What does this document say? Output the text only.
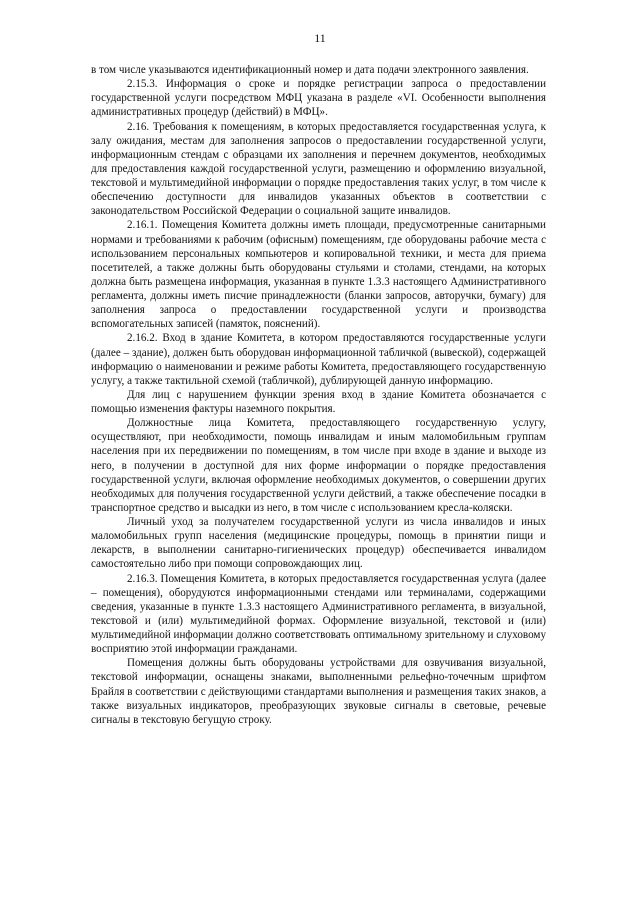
11

в том числе указываются идентификационный номер и дата подачи электронного заявления.

2.15.3. Информация о сроке и порядке регистрации запроса о предоставлении государственной услуги посредством МФЦ указана в разделе «VI. Особенности выполнения административных процедур (действий) в МФЦ».

2.16. Требования к помещениям, в которых предоставляется государственная услуга, к залу ожидания, местам для заполнения запросов о предоставлении государственной услуги, информационным стендам с образцами их заполнения и перечнем документов, необходимых для предоставления каждой государственной услуги, размещению и оформлению визуальной, текстовой и мультимедийной информации о порядке предоставления таких услуг, в том числе к обеспечению доступности для инвалидов указанных объектов в соответствии с законодательством Российской Федерации о социальной защите инвалидов.

2.16.1. Помещения Комитета должны иметь площади, предусмотренные санитарными нормами и требованиями к рабочим (офисным) помещениям, где оборудованы рабочие места с использованием персональных компьютеров и копировальной техники, и места для приема посетителей, а также должны быть оборудованы стульями и столами, стендами, на которых должна быть размещена информация, указанная в пункте 1.3.3 настоящего Административного регламента, должны иметь писчие принадлежности (бланки запросов, авторучки, бумагу) для заполнения запроса о предоставлении государственной услуги и производства вспомогательных записей (памяток, пояснений).

2.16.2. Вход в здание Комитета, в котором предоставляются государственные услуги (далее – здание), должен быть оборудован информационной табличкой (вывеской), содержащей информацию о наименовании и режиме работы Комитета, предоставляющего государственную услугу, а также тактильной схемой (табличкой), дублирующей данную информацию.

Для лиц с нарушением функции зрения вход в здание Комитета обозначается с помощью изменения фактуры наземного покрытия.

Должностные лица Комитета, предоставляющего государственную услугу, осуществляют, при необходимости, помощь инвалидам и иным маломобильным группам населения при их передвижении по помещениям, в том числе при входе в здание и выходе из него, в получении в доступной для них форме информации о порядке предоставления государственной услуги, включая оформление необходимых документов, о совершении других необходимых для получения государственной услуги действий, а также обеспечение посадки в транспортное средство и высадки из него, в том числе с использованием кресла-коляски.

Личный уход за получателем государственной услуги из числа инвалидов и иных маломобильных групп населения (медицинские процедуры, помощь в принятии пищи и лекарств, в выполнении санитарно-гигиенических процедур) обеспечивается инвалидом самостоятельно либо при помощи сопровождающих лиц.

2.16.3. Помещения Комитета, в которых предоставляется государственная услуга (далее – помещения), оборудуются информационными стендами или терминалами, содержащими сведения, указанные в пункте 1.3.3 настоящего Административного регламента, в визуальной, текстовой и (или) мультимедийной формах. Оформление визуальной, текстовой и (или) мультимедийной информации должно соответствовать оптимальному зрительному и слуховому восприятию этой информации гражданами.

Помещения должны быть оборудованы устройствами для озвучивания визуальной, текстовой информации, оснащены знаками, выполненными рельефно-точечным шрифтом Брайля в соответствии с действующими стандартами выполнения и размещения таких знаков, а также визуальных индикаторов, преобразующих звуковые сигналы в световые, речевые сигналы в текстовую бегущую строку.
